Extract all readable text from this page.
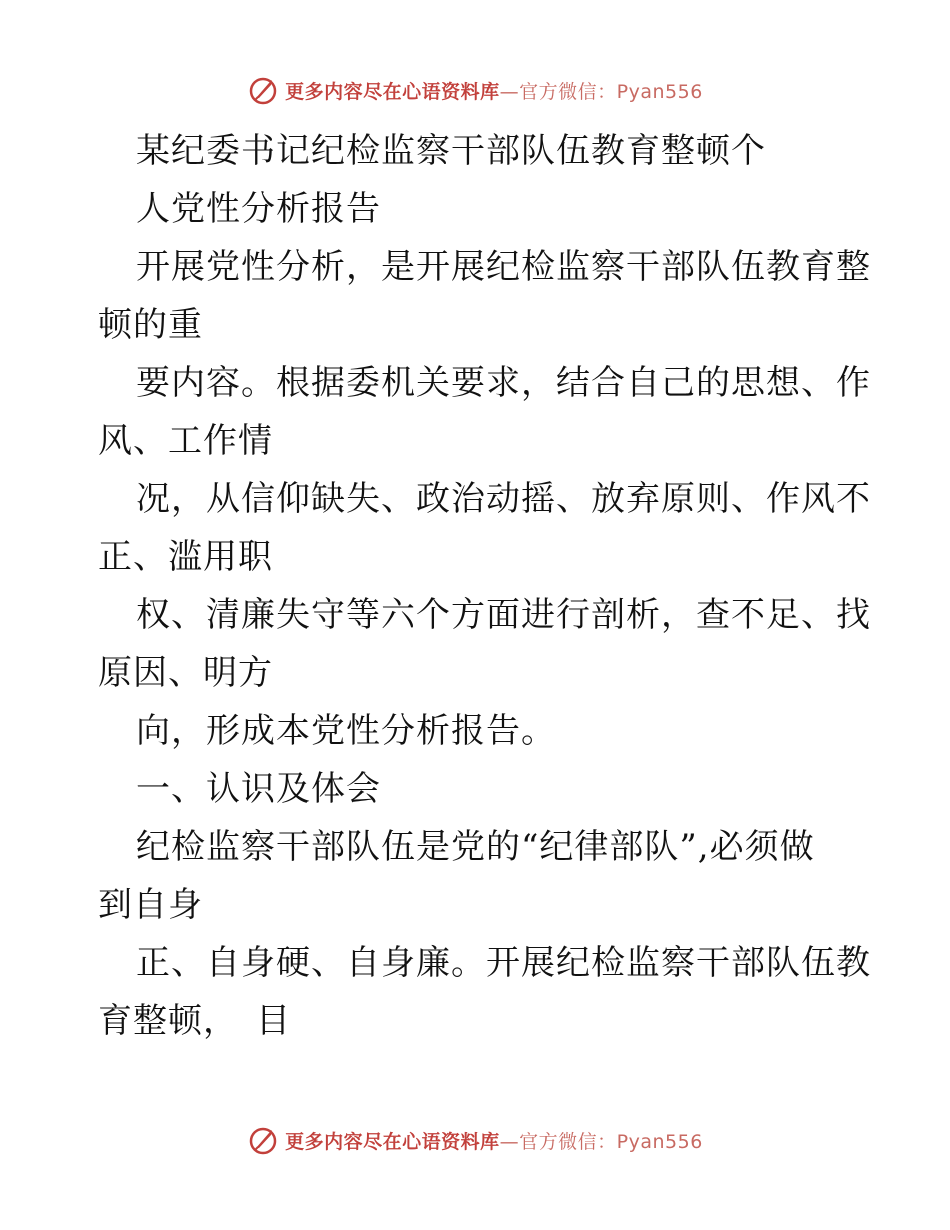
更多内容尽在心语资料库—官方微信：Pyan556
某纪委书记纪检监察干部队伍教育整顿个
人党性分析报告
开展党性分析，是开展纪检监察干部队伍教育整
顿的重
要内容。根据委机关要求，结合自己的思想、作
风、工作情
况，从信仰缺失、政治动摇、放弃原则、作风不
正、滥用职
权、清廉失守等六个方面进行剖析，查不足、找
原因、明方
向，形成本党性分析报告。
一、认识及体会
纪检监察干部队伍是党的“纪律部队”,必须做
到自身
正、自身硬、自身廉。开展纪检监察干部队伍教
育整顿，　目
更多内容尽在心语资料库—官方微信：Pyan556
